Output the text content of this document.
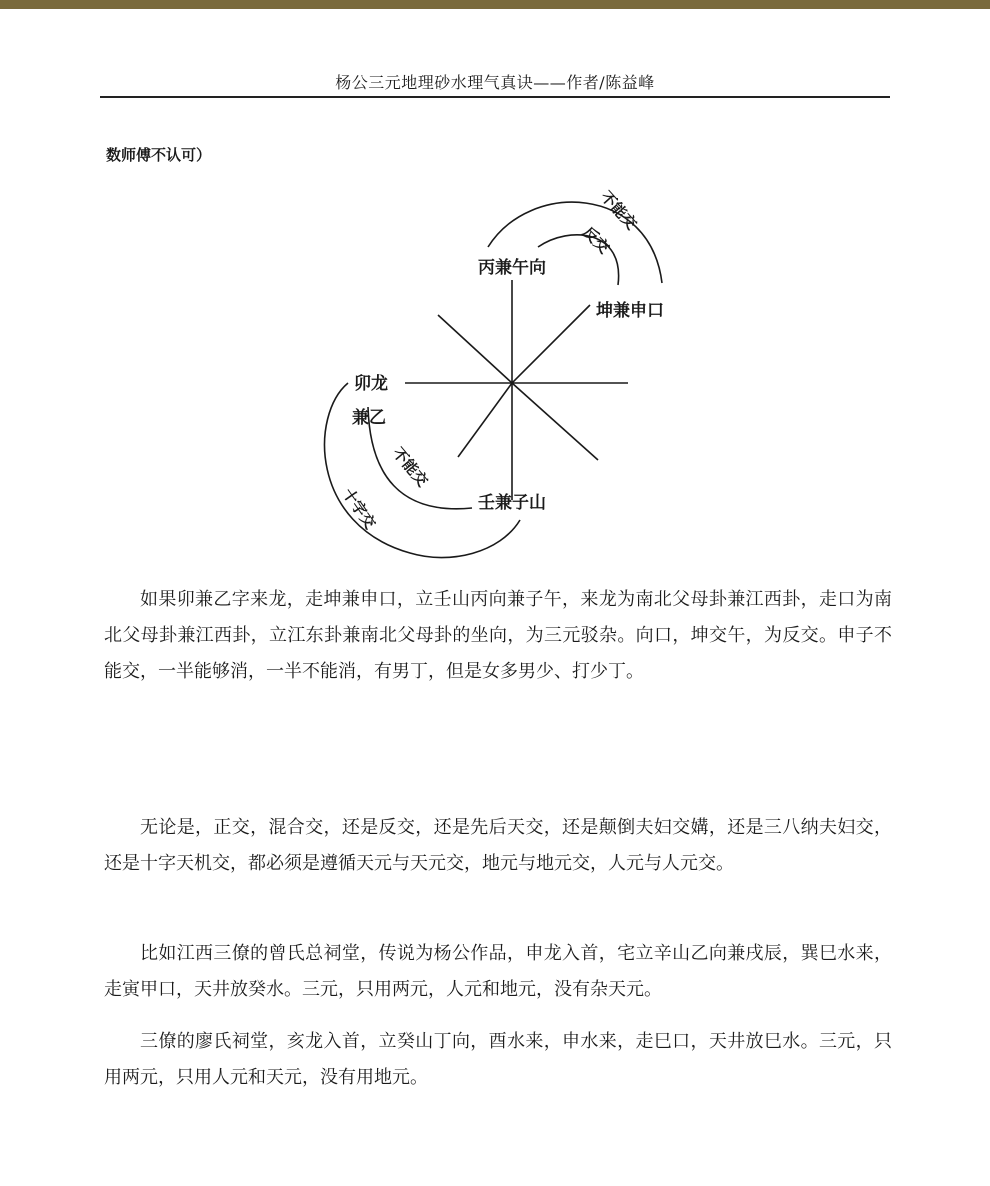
杨公三元地理砂水理气真诀——作者/陈益峰
数师傅不认可）
丙兼午向
坤兼申口
卯龙
兼乙
壬兼子山
不能交
反交
不能交
十字交

如果卯兼乙字来龙，走坤兼申口，立壬山丙向兼子午，来龙为南北父母卦兼江西卦，走口为南北父母卦兼江西卦，立江东卦兼南北父母卦的坐向，为三元驳杂。向口，坤交午，为反交。申子不能交，一半能够消，一半不能消，有男丁，但是女多男少、打少丁。

无论是，正交，混合交，还是反交，还是先后天交，还是颠倒夫妇交媾，还是三八纳夫妇交，还是十字天机交，都必须是遵循天元与天元交，地元与地元交，人元与人元交。

比如江西三僚的曾氏总祠堂，传说为杨公作品，申龙入首，宅立辛山乙向兼戌辰，巽巳水来，走寅甲口，天井放癸水。三元，只用两元，人元和地元，没有杂天元。

三僚的廖氏祠堂，亥龙入首，立癸山丁向，酉水来，申水来，走巳口，天井放巳水。三元，只用两元，只用人元和天元，没有用地元。
